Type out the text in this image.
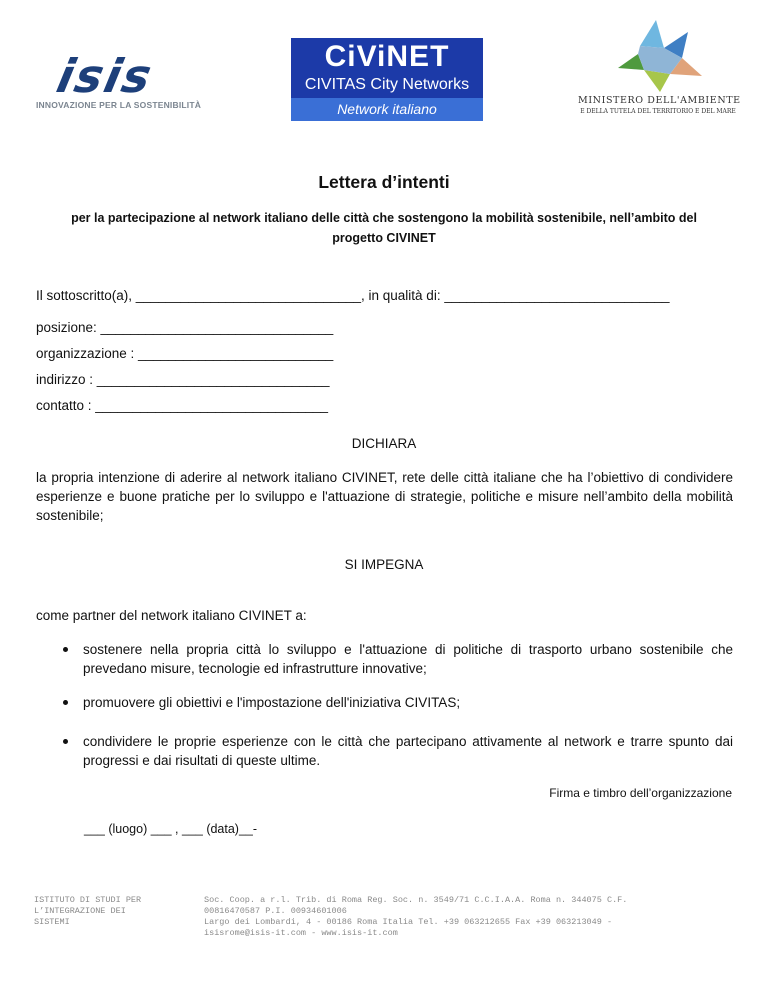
isis
INNOVAZIONE PER LA SOSTENIBILITÀ
CiViNET
CIVITAS City Networks
Network italiano
MINISTERO DELL'AMBIENTE
E DELLA TUTELA DEL TERRITORIO E DEL MARE
Lettera d’intenti
per la partecipazione al network italiano delle città che sostengono la mobilità sostenibile, nell’ambito del progetto CIVINET
Il sottoscritto(a), ______________________________, in qualità di: ______________________________
posizione: _______________________________
organizzazione : __________________________
indirizzo : _______________________________
contatto : _______________________________
DICHIARA
la propria intenzione di aderire al network italiano CIVINET, rete delle città italiane che ha l’obiettivo di condividere esperienze e buone pratiche per lo sviluppo e l'attuazione di strategie, politiche e misure nell’ambito della mobilità sostenibile;
SI IMPEGNA
come partner del network italiano CIVINET a:
sostenere nella propria città lo sviluppo e l'attuazione di politiche di trasporto urbano sostenibile che prevedano misure, tecnologie ed infrastrutture innovative;
promuovere gli obiettivi e l'impostazione dell'iniziativa CIVITAS;
condividere le proprie esperienze con le città che partecipano attivamente al network e trarre spunto dai progressi e dai risultati di queste ultime.
Firma e timbro dell’organizzazione
___ (luogo) ___ , ___ (data)__-
ISTITUTO DI STUDI PER
L’INTEGRAZIONE DEI
SISTEMI
Soc. Coop. a r.l. Trib. di Roma Reg. Soc. n. 3549/71 C.C.I.A.A. Roma n. 344075 C.F.
00816470587 P.I. 00934601006
Largo dei Lombardi, 4 - 00186 Roma Italia Tel. +39 063212655 Fax +39 063213049 -
isisrome@isis-it.com - www.isis-it.com
